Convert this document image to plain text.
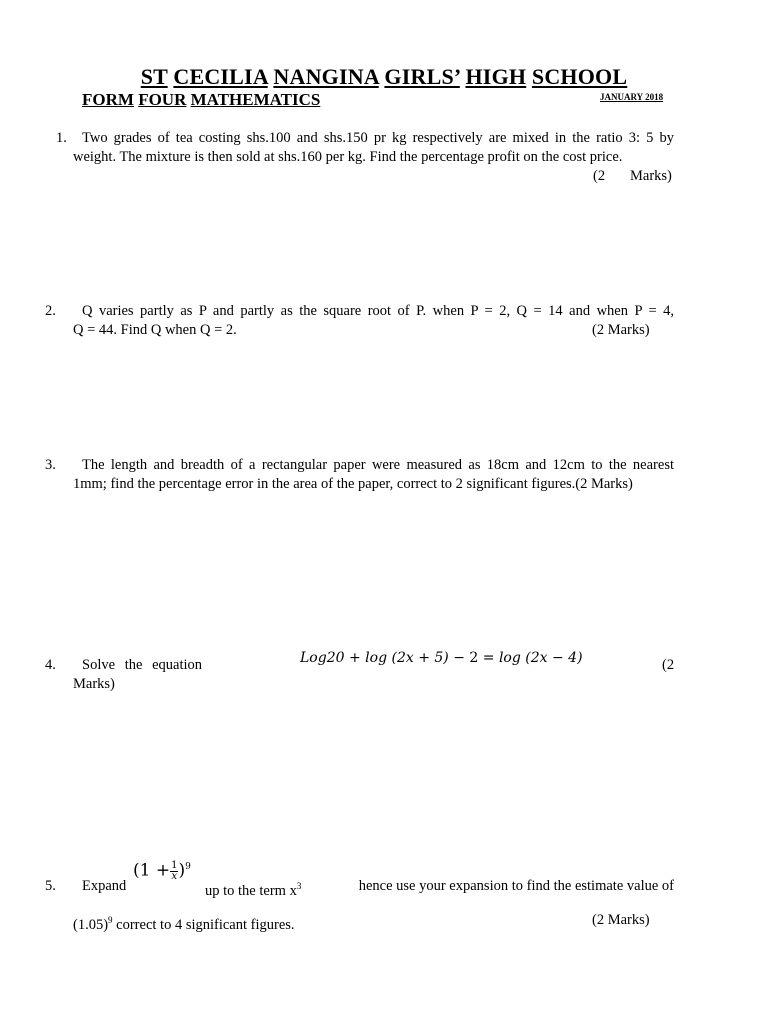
ST CECILIA NANGINA GIRLS’ HIGH SCHOOL
FORM FOUR MATHEMATICS	JANUARY 2018
1. Two grades of tea costing shs.100 and shs.150 pr kg respectively are mixed in the ratio 3: 5 by
weight. The mixture is then sold at shs.160 per kg. Find the percentage profit on the cost price.
(2 Marks)
2. Q varies partly as P and partly as the square root of P. when P = 2, Q = 14 and when P = 4,
Q = 44. Find Q when Q = 2.	(2 Marks)
3. The length and breadth of a rectangular paper were measured as 18cm and 12cm to the nearest
1mm; find the percentage error in the area of the paper, correct to 2 significant figures.(2 Marks)
4. Solve the equation	Log20 + log (2x + 5) − 2 = log (2x − 4)	(2
Marks)
5. Expand
$(1 + \frac{1}{x} )^9$
up to the term $x^3$	hence use your expansion to find the estimate value of
$(1.05)^9$ correct to 4 significant figures.	(2 Marks)
